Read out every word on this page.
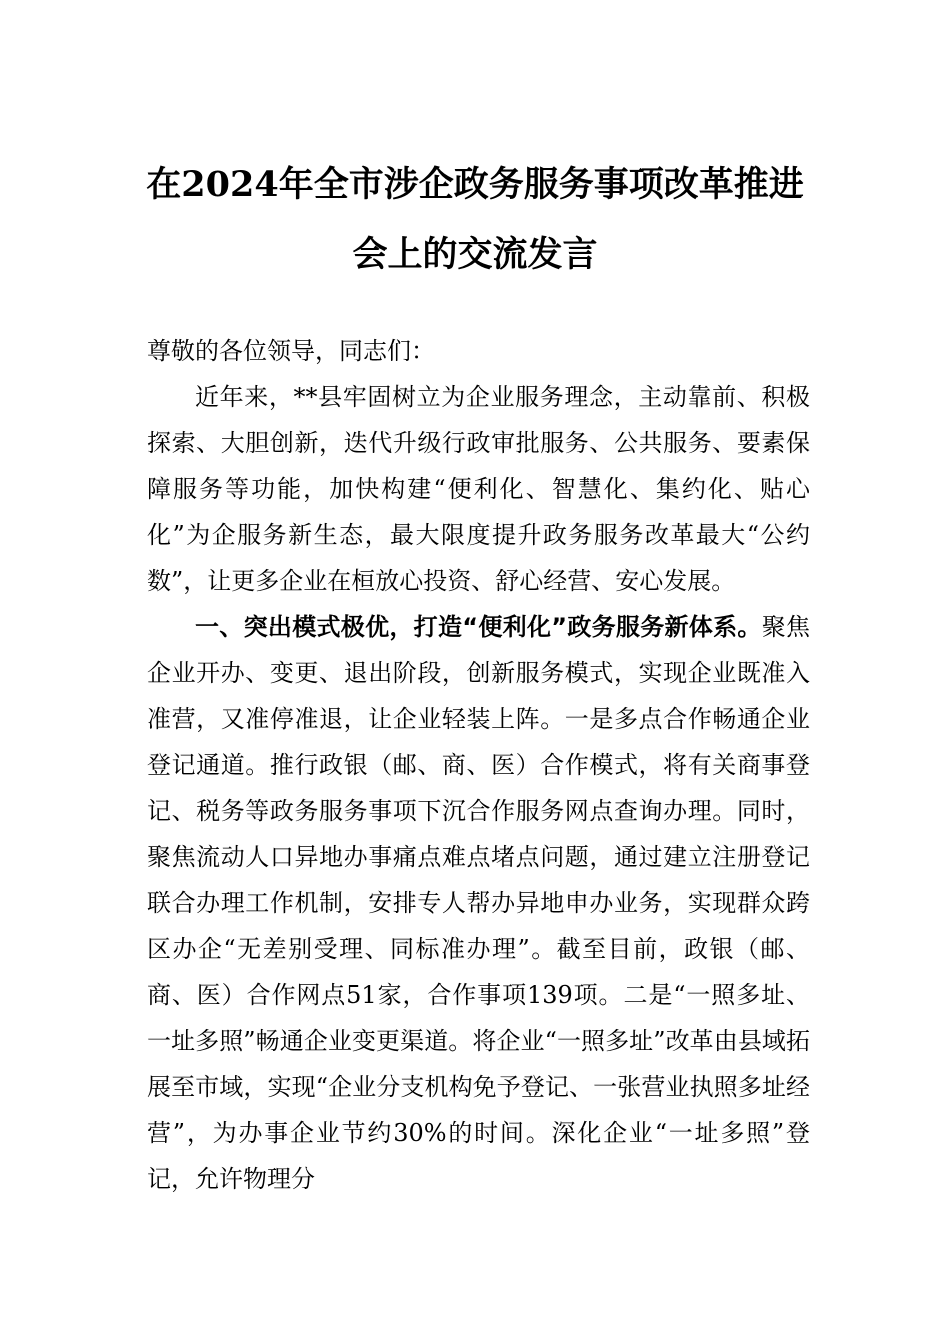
在2024年全市涉企政务服务事项改革推进
会上的交流发言

尊敬的各位领导，同志们：

近年来，**县牢固树立为企业服务理念，主动靠前、积极探索、大胆创新，迭代升级行政审批服务、公共服务、要素保障服务等功能，加快构建“便利化、智慧化、集约化、贴心化”为企服务新生态，最大限度提升政务服务改革最大“公约数”，让更多企业在桓放心投资、舒心经营、安心发展。

一、突出模式极优，打造“便利化”政务服务新体系。聚焦企业开办、变更、退出阶段，创新服务模式，实现企业既准入准营，又准停准退，让企业轻装上阵。一是多点合作畅通企业登记通道。推行政银（邮、商、医）合作模式，将有关商事登记、税务等政务服务事项下沉合作服务网点查询办理。同时，聚焦流动人口异地办事痛点难点堵点问题，通过建立注册登记联合办理工作机制，安排专人帮办异地申办业务，实现群众跨区办企“无差别受理、同标准办理”。截至目前，政银（邮、商、医）合作网点51家，合作事项139项。二是“一照多址、一址多照”畅通企业变更渠道。将企业“一照多址”改革由县域拓展至市域，实现“企业分支机构免予登记、一张营业执照多址经营”，为办事企业节约30%的时间。深化企业“一址多照”登记，允许物理分
